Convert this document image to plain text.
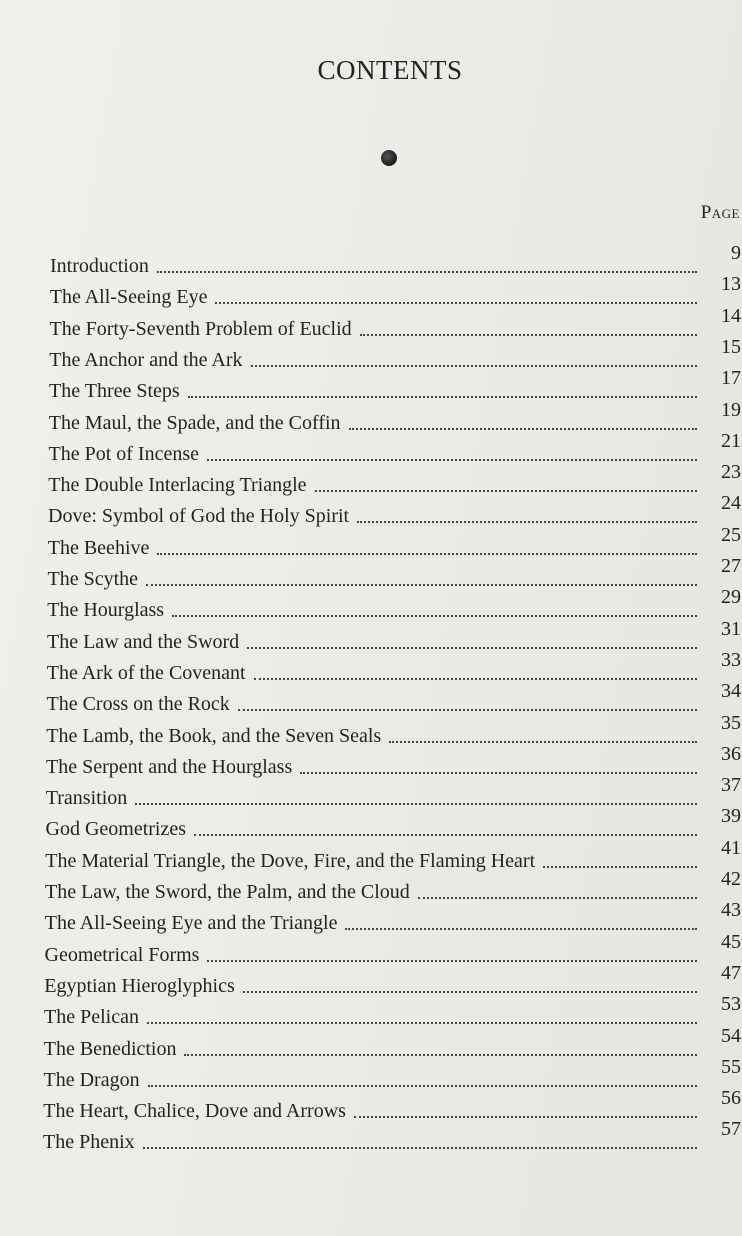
CONTENTS
Page
Introduction
9
The All-Seeing Eye
13
The Forty-Seventh Problem of Euclid
14
The Anchor and the Ark
15
The Three Steps
17
The Maul, the Spade, and the Coffin
19
The Pot of Incense
21
The Double Interlacing Triangle
23
Dove: Symbol of God the Holy Spirit
24
The Beehive
25
The Scythe
27
The Hourglass
29
The Law and the Sword
31
The Ark of the Covenant
33
The Cross on the Rock
34
The Lamb, the Book, and the Seven Seals
35
The Serpent and the Hourglass
36
Transition
37
God Geometrizes
39
The Material Triangle, the Dove, Fire, and the Flaming Heart
41
The Law, the Sword, the Palm, and the Cloud
42
The All-Seeing Eye and the Triangle
43
Geometrical Forms
45
Egyptian Hieroglyphics
47
The Pelican
53
The Benediction
54
The Dragon
55
The Heart, Chalice, Dove and Arrows
56
The Phenix
57
